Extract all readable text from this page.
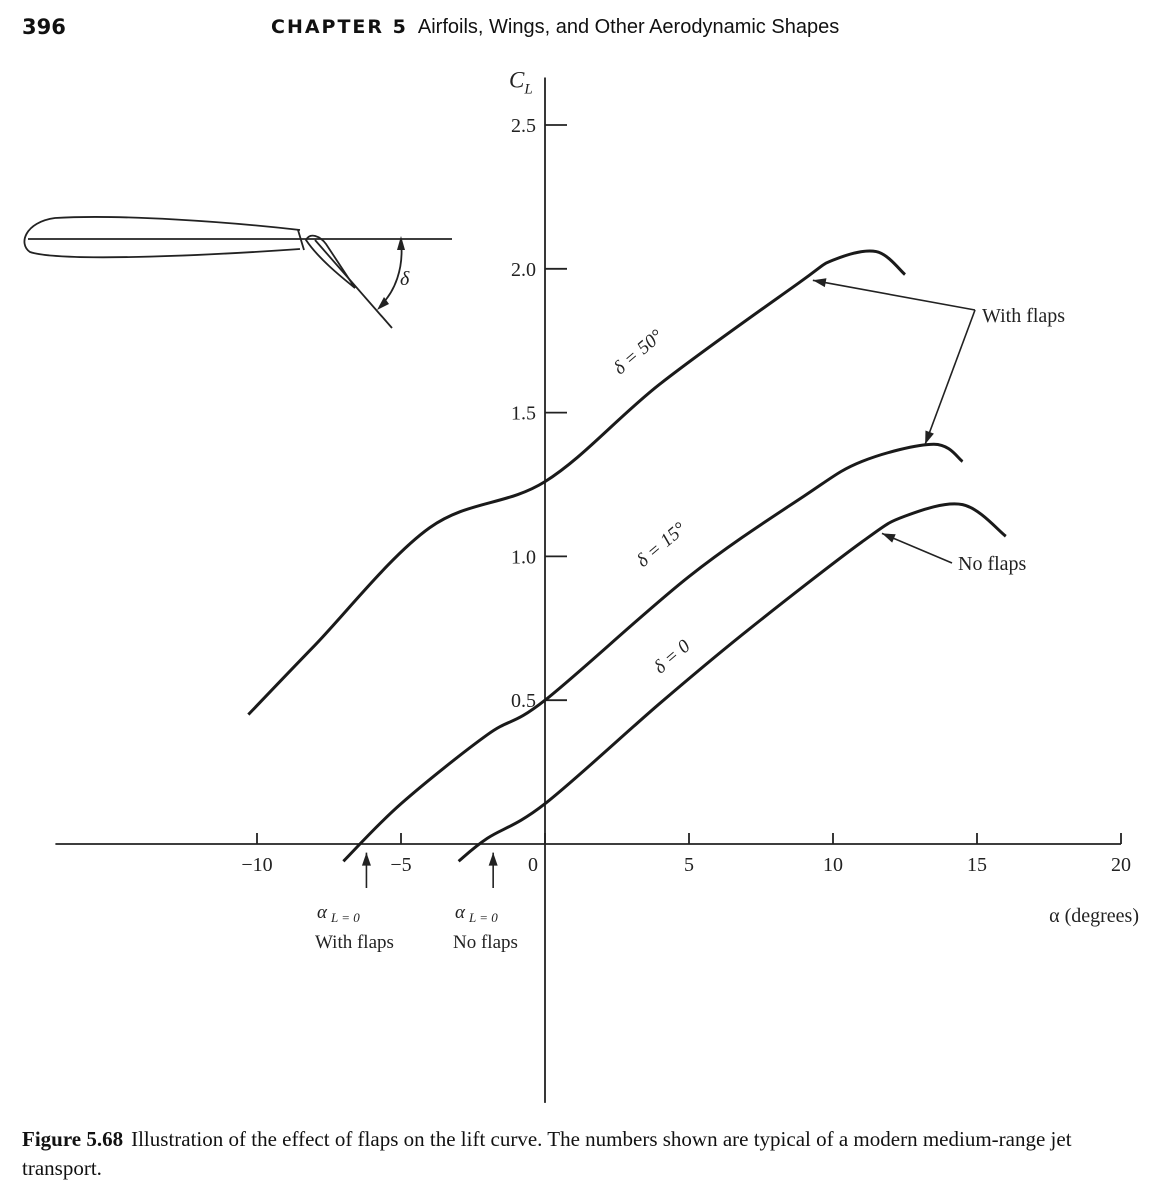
396	CHAPTER 5 Airfoils, Wings, and Other Aerodynamic Shapes
−10	−5	0	5	10	15	20
0.5
1.0
1.5
2.0
2.5
$C_L$
α (degrees)
δ = 50°
δ = 15°
δ = 0
With flaps
No flaps
δ
α $_{L = 0}$
With flaps
α $_{L = 0}$
No flaps
Figure 5.68 Illustration of the effect of flaps on the lift curve. The numbers shown are typical of a modern medium-range jet transport.
